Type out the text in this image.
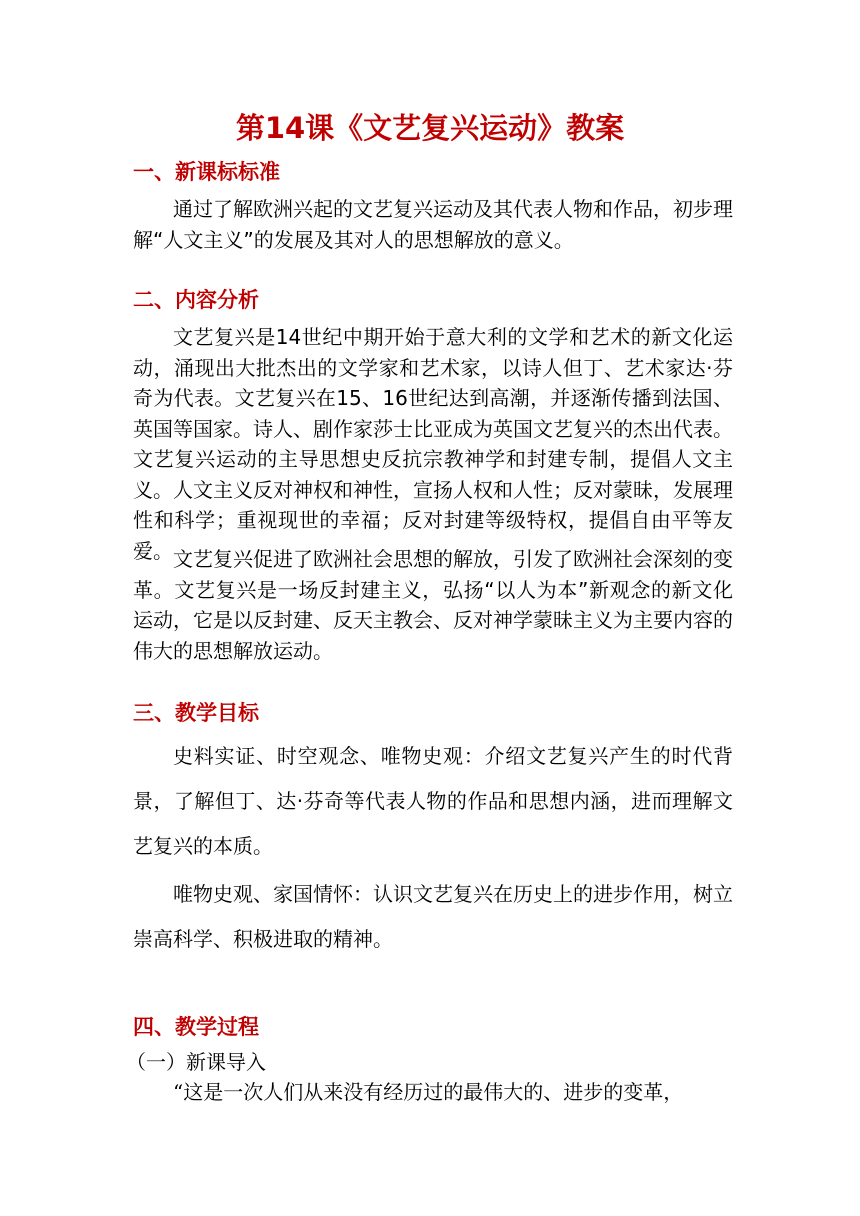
第14课《文艺复兴运动》教案
一、新课标标准
通过了解欧洲兴起的文艺复兴运动及其代表人物和作品，初步理解“人文主义”的发展及其对人的思想解放的意义。
二、内容分析
文艺复兴是14世纪中期开始于意大利的文学和艺术的新文化运动，涌现出大批杰出的文学家和艺术家，以诗人但丁、艺术家达·芬奇为代表。文艺复兴在15、16世纪达到高潮，并逐渐传播到法国、英国等国家。诗人、剧作家莎士比亚成为英国文艺复兴的杰出代表。文艺复兴运动的主导思想史反抗宗教神学和封建专制，提倡人文主义。人文主义反对神权和神性，宣扬人权和人性；反对蒙昧，发展理性和科学；重视现世的幸福；反对封建等级特权，提倡自由平等友爱。 文艺复兴促进了欧洲社会思想的解放，引发了欧洲社会深刻的变革。文艺复兴是一场反封建主义，弘扬“以人为本”新观念的新文化运动，它是以反封建、反天主教会、反对神学蒙昧主义为主要内容的伟大的思想解放运动。
三、教学目标
史料实证、时空观念、唯物史观：介绍文艺复兴产生的时代背景，了解但丁、达·芬奇等代表人物的作品和思想内涵，进而理解文艺复兴的本质。
唯物史观、家国情怀：认识文艺复兴在历史上的进步作用，树立崇高科学、积极进取的精神。
四、教学过程
（一）新课导入
“这是一次人们从来没有经历过的最伟大的、进步的变革，
